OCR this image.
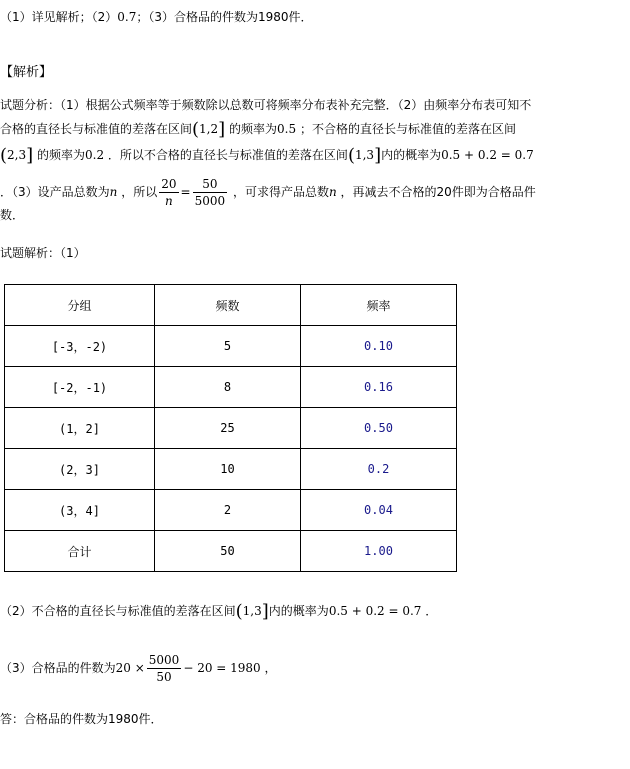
（1）详见解析；（2）0.7；（3）合格品的件数为1980件．
【解析】
试题分析：（1）根据公式频率等于频数除以总数可将频率分布表补充完整．（2）由频率分布表可知不
合格的直径长与标准值的差落在区间(1,2] 的频率为0.5 ；不合格的直径长与标准值的差落在区间
(2,3] 的频率为0.2 ．所以不合格的直径长与标准值的差落在区间(1,3]内的概率为0.5 + 0.2 = 0.7
．（3）设产品总数为n ，所以 $\frac{20}{n} = \frac{50}{5000}$ ，可求得产品总数n ，再减去不合格的20件即为合格品件
数．
试题解析：（1）
分组	频数	频率
[-3，-2)	5	0.10
[-2，-1)	8	0.16
(1，2]	25	0.50
(2，3]	10	0.2
(3，4]	2	0.04
合计	50	1.00
（2）不合格的直径长与标准值的差落在区间(1,3]内的概率为0.5 + 0.2 = 0.7 ．
（3）合格品的件数为$20 \times \frac{5000}{50} - 20 = 1980$ ，
答：合格品的件数为1980件．
